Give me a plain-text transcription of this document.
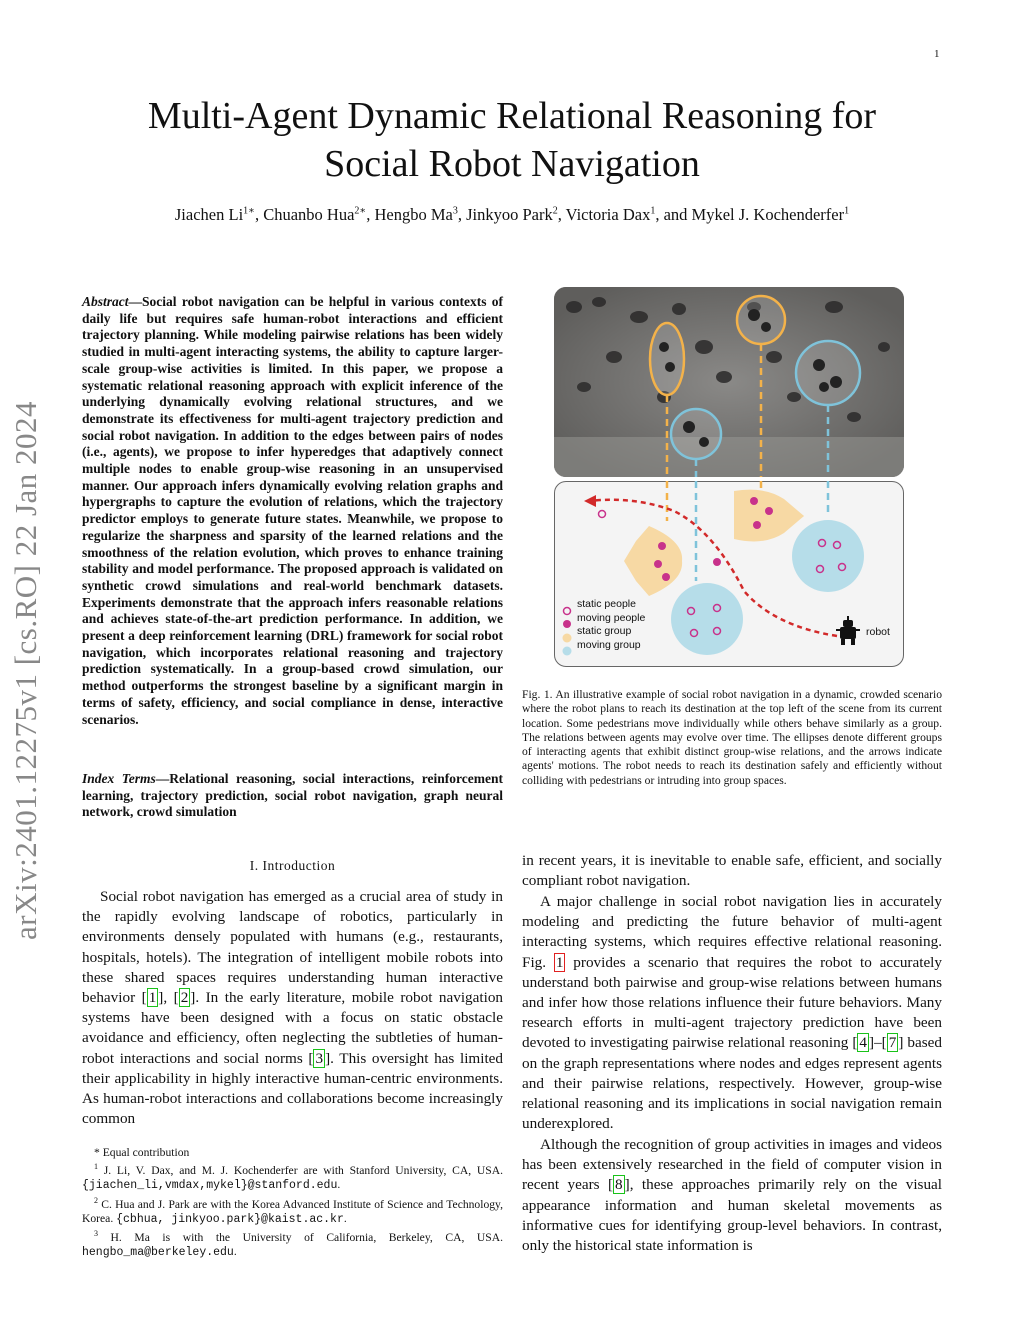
1
Multi-Agent Dynamic Relational Reasoning for Social Robot Navigation
Jiachen $Li^{1∗}$, Chuanbo Hua$^{2∗}$, Hengbo Ma$^3$, Jinkyoo Park$^2$, Victoria Dax$^1$, and Mykel J. Kochenderfer$^1$
arXiv:2401.12275v1 [cs.RO] 22 Jan 2024
Abstract—Social robot navigation can be helpful in various contexts of daily life but requires safe human-robot interactions and efficient trajectory planning. While modeling pairwise relations has been widely studied in multi-agent interacting systems, the ability to capture larger-scale group-wise activities is limited. In this paper, we propose a systematic relational reasoning approach with explicit inference of the underlying dynamically evolving relational structures, and we demonstrate its effectiveness for multi-agent trajectory prediction and social robot navigation. In addition to the edges between pairs of nodes (i.e., agents), we propose to infer hyperedges that adaptively connect multiple nodes to enable group-wise reasoning in an unsupervised manner. Our approach infers dynamically evolving relation graphs and hypergraphs to capture the evolution of relations, which the trajectory predictor employs to generate future states. Meanwhile, we propose to regularize the sharpness and sparsity of the learned relations and the smoothness of the relation evolution, which proves to enhance training stability and model performance. The proposed approach is validated on synthetic crowd simulations and real-world benchmark datasets. Experiments demonstrate that the approach infers reasonable relations and achieves state-of-the-art prediction performance. In addition, we present a deep reinforcement learning (DRL) framework for social robot navigation, which incorporates relational reasoning and trajectory prediction systematically. In a group-based crowd simulation, our method outperforms the strongest baseline by a significant margin in terms of safety, efficiency, and social compliance in dense, interactive scenarios.
Index Terms—Relational reasoning, social interactions, reinforcement learning, trajectory prediction, social robot navigation, graph neural network, crowd simulation
I. Introduction
Social robot navigation has emerged as a crucial area of study in the rapidly evolving landscape of robotics, particularly in environments densely populated with humans (e.g., restaurants, hospitals, hotels). The integration of intelligent mobile robots into these shared spaces requires understanding human interactive behavior [ 1 ], [ 2 ]. In the early literature, mobile robot navigation systems have been designed with a focus on static obstacle avoidance and efficiency, often neglecting the subtleties of human-robot interactions and social norms [ 3 ]. This oversight has limited their applicability in highly interactive human-centric environments. As human-robot interactions and collaborations become increasingly common
* Equal contribution
$^1$ J. Li, V. Dax, and M. J. Kochenderfer are with Stanford University, CA, USA. {jiachen_li,vmdax,mykel}@stanford.edu.
$^2$ C. Hua and J. Park are with the Korea Advanced Institute of Science and Technology, Korea. {cbhua, jinkyoo.park}@kaist.ac.kr.
$^3$ H. Ma is with the University of California, Berkeley, CA, USA. hengbo_ma@berkeley.edu.
static people
moving people
static group
moving group
robot
Fig. 1. An illustrative example of social robot navigation in a dynamic, crowded scenario where the robot plans to reach its destination at the top left of the scene from its current location. Some pedestrians move individually while others behave similarly as a group. The relations between agents may evolve over time. The ellipses denote different groups of interacting agents that exhibit distinct group-wise relations, and the arrows indicate agents' motions. The robot needs to reach its destination safely and efficiently without colliding with pedestrians or intruding into group spaces.
in recent years, it is inevitable to enable safe, efficient, and socially compliant robot navigation.
A major challenge in social robot navigation lies in accurately modeling and predicting the future behavior of multi-agent interacting systems, which requires effective relational reasoning. Fig. 1 provides a scenario that requires the robot to accurately understand both pairwise and group-wise relations between humans and infer how those relations influence their future behaviors. Many research efforts in multi-agent trajectory prediction have been devoted to investigating pairwise relational reasoning [ 4 ]–[ 7 ] based on the graph representations where nodes and edges represent agents and their pairwise relations, respectively. However, group-wise relational reasoning and its implications in social navigation remain underexplored.
Although the recognition of group activities in images and videos has been extensively researched in the field of computer vision in recent years [ 8 ], these approaches primarily rely on the visual appearance information and human skeletal movements as informative cues for identifying group-level behaviors. In contrast, only the historical state information is
